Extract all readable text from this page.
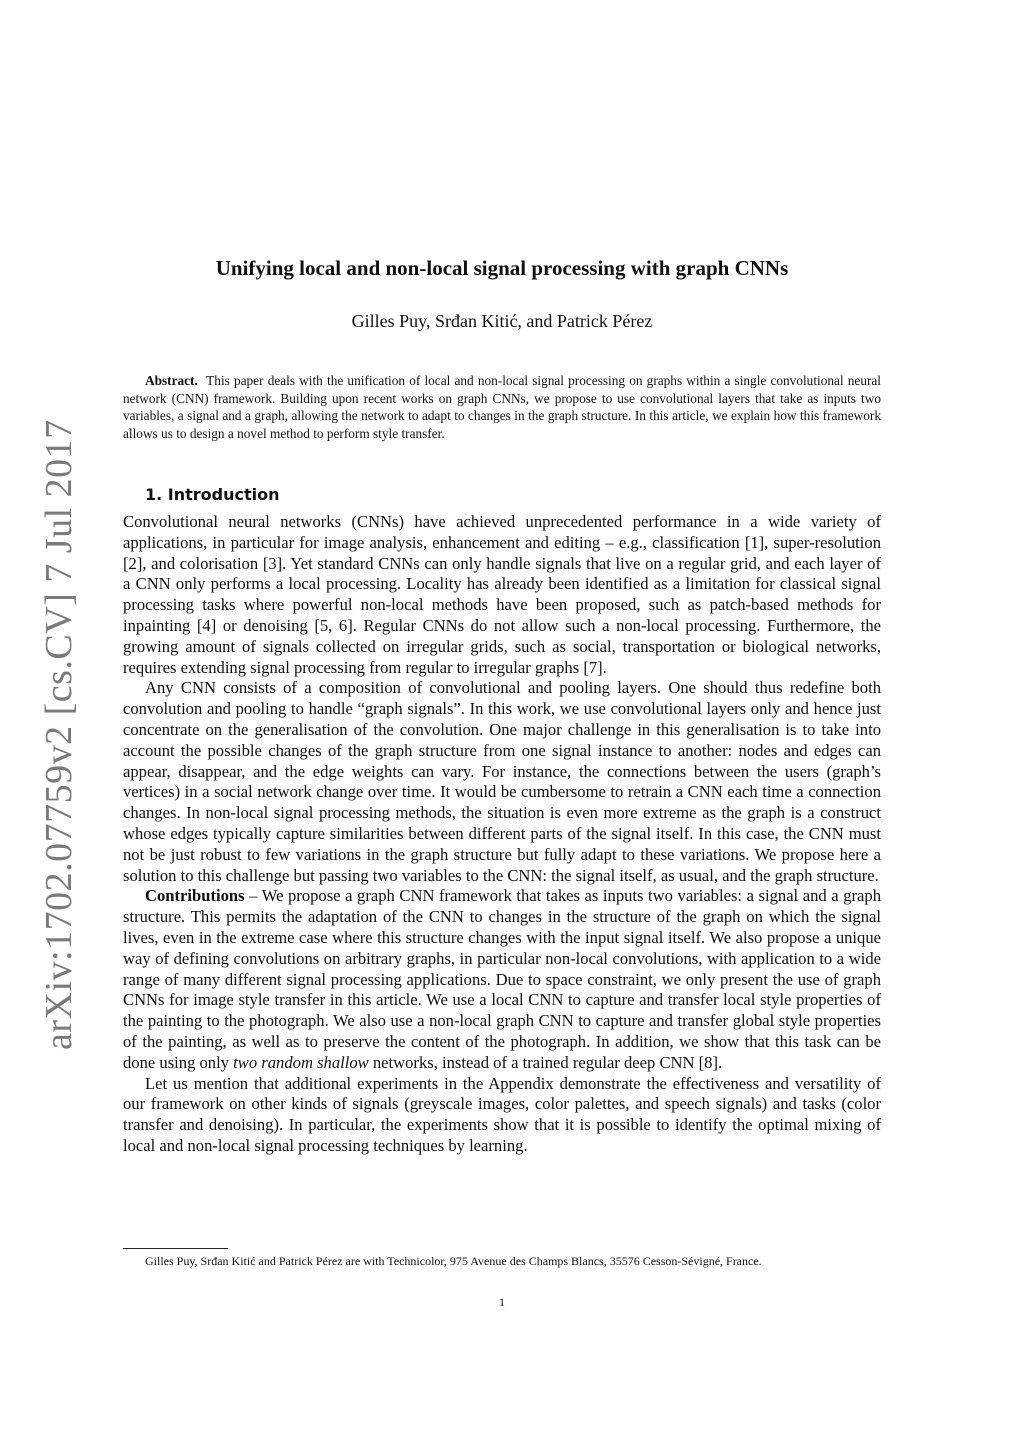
arXiv:1702.07759v2 [cs.CV] 7 Jul 2017
Unifying local and non-local signal processing with graph CNNs
Gilles Puy, Srđan Kitić, and Patrick Pérez

Abstract. This paper deals with the unification of local and non-local signal processing on graphs within a single convolutional neural network (CNN) framework. Building upon recent works on graph CNNs, we propose to use convolutional layers that take as inputs two variables, a signal and a graph, allowing the network to adapt to changes in the graph structure. In this article, we explain how this framework allows us to design a novel method to perform style transfer.

1. Introduction

Convolutional neural networks (CNNs) have achieved unprecedented performance in a wide variety of applications, in particular for image analysis, enhancement and editing – e.g., classification [1], super-resolution [2], and colorisation [3]. Yet standard CNNs can only handle signals that live on a regular grid, and each layer of a CNN only performs a local processing. Locality has already been identified as a limitation for classical signal processing tasks where powerful non-local methods have been proposed, such as patch-based methods for inpainting [4] or denoising [5, 6]. Regular CNNs do not allow such a non-local processing. Furthermore, the growing amount of signals collected on irregular grids, such as social, transportation or biological networks, requires extending signal processing from regular to irregular graphs [7].

Any CNN consists of a composition of convolutional and pooling layers. One should thus redefine both convolution and pooling to handle “graph signals”. In this work, we use convolutional layers only and hence just concentrate on the generalisation of the convolution. One major challenge in this generalisation is to take into account the possible changes of the graph structure from one signal instance to another: nodes and edges can appear, disappear, and the edge weights can vary. For instance, the connections between the users (graph’s vertices) in a social network change over time. It would be cumbersome to retrain a CNN each time a connection changes. In non-local signal processing methods, the situation is even more extreme as the graph is a construct whose edges typically capture similarities between different parts of the signal itself. In this case, the CNN must not be just robust to few variations in the graph structure but fully adapt to these variations. We propose here a solution to this challenge but passing two variables to the CNN: the signal itself, as usual, and the graph structure.

Contributions – We propose a graph CNN framework that takes as inputs two variables: a signal and a graph structure. This permits the adaptation of the CNN to changes in the structure of the graph on which the signal lives, even in the extreme case where this structure changes with the input signal itself. We also propose a unique way of defining convolutions on arbitrary graphs, in particular non-local convolutions, with application to a wide range of many different signal processing applications. Due to space constraint, we only present the use of graph CNNs for image style transfer in this article. We use a local CNN to capture and transfer local style properties of the painting to the photograph. We also use a non-local graph CNN to capture and transfer global style properties of the painting, as well as to preserve the content of the photograph. In addition, we show that this task can be done using only two random shallow networks, instead of a trained regular deep CNN [8].

Let us mention that additional experiments in the Appendix demonstrate the effectiveness and versatility of our framework on other kinds of signals (greyscale images, color palettes, and speech signals) and tasks (color transfer and denoising). In particular, the experiments show that it is possible to identify the optimal mixing of local and non-local signal processing techniques by learning.

Gilles Puy, Srđan Kitić and Patrick Pérez are with Technicolor, 975 Avenue des Champs Blancs, 35576 Cesson-Sévigné, France.

1
